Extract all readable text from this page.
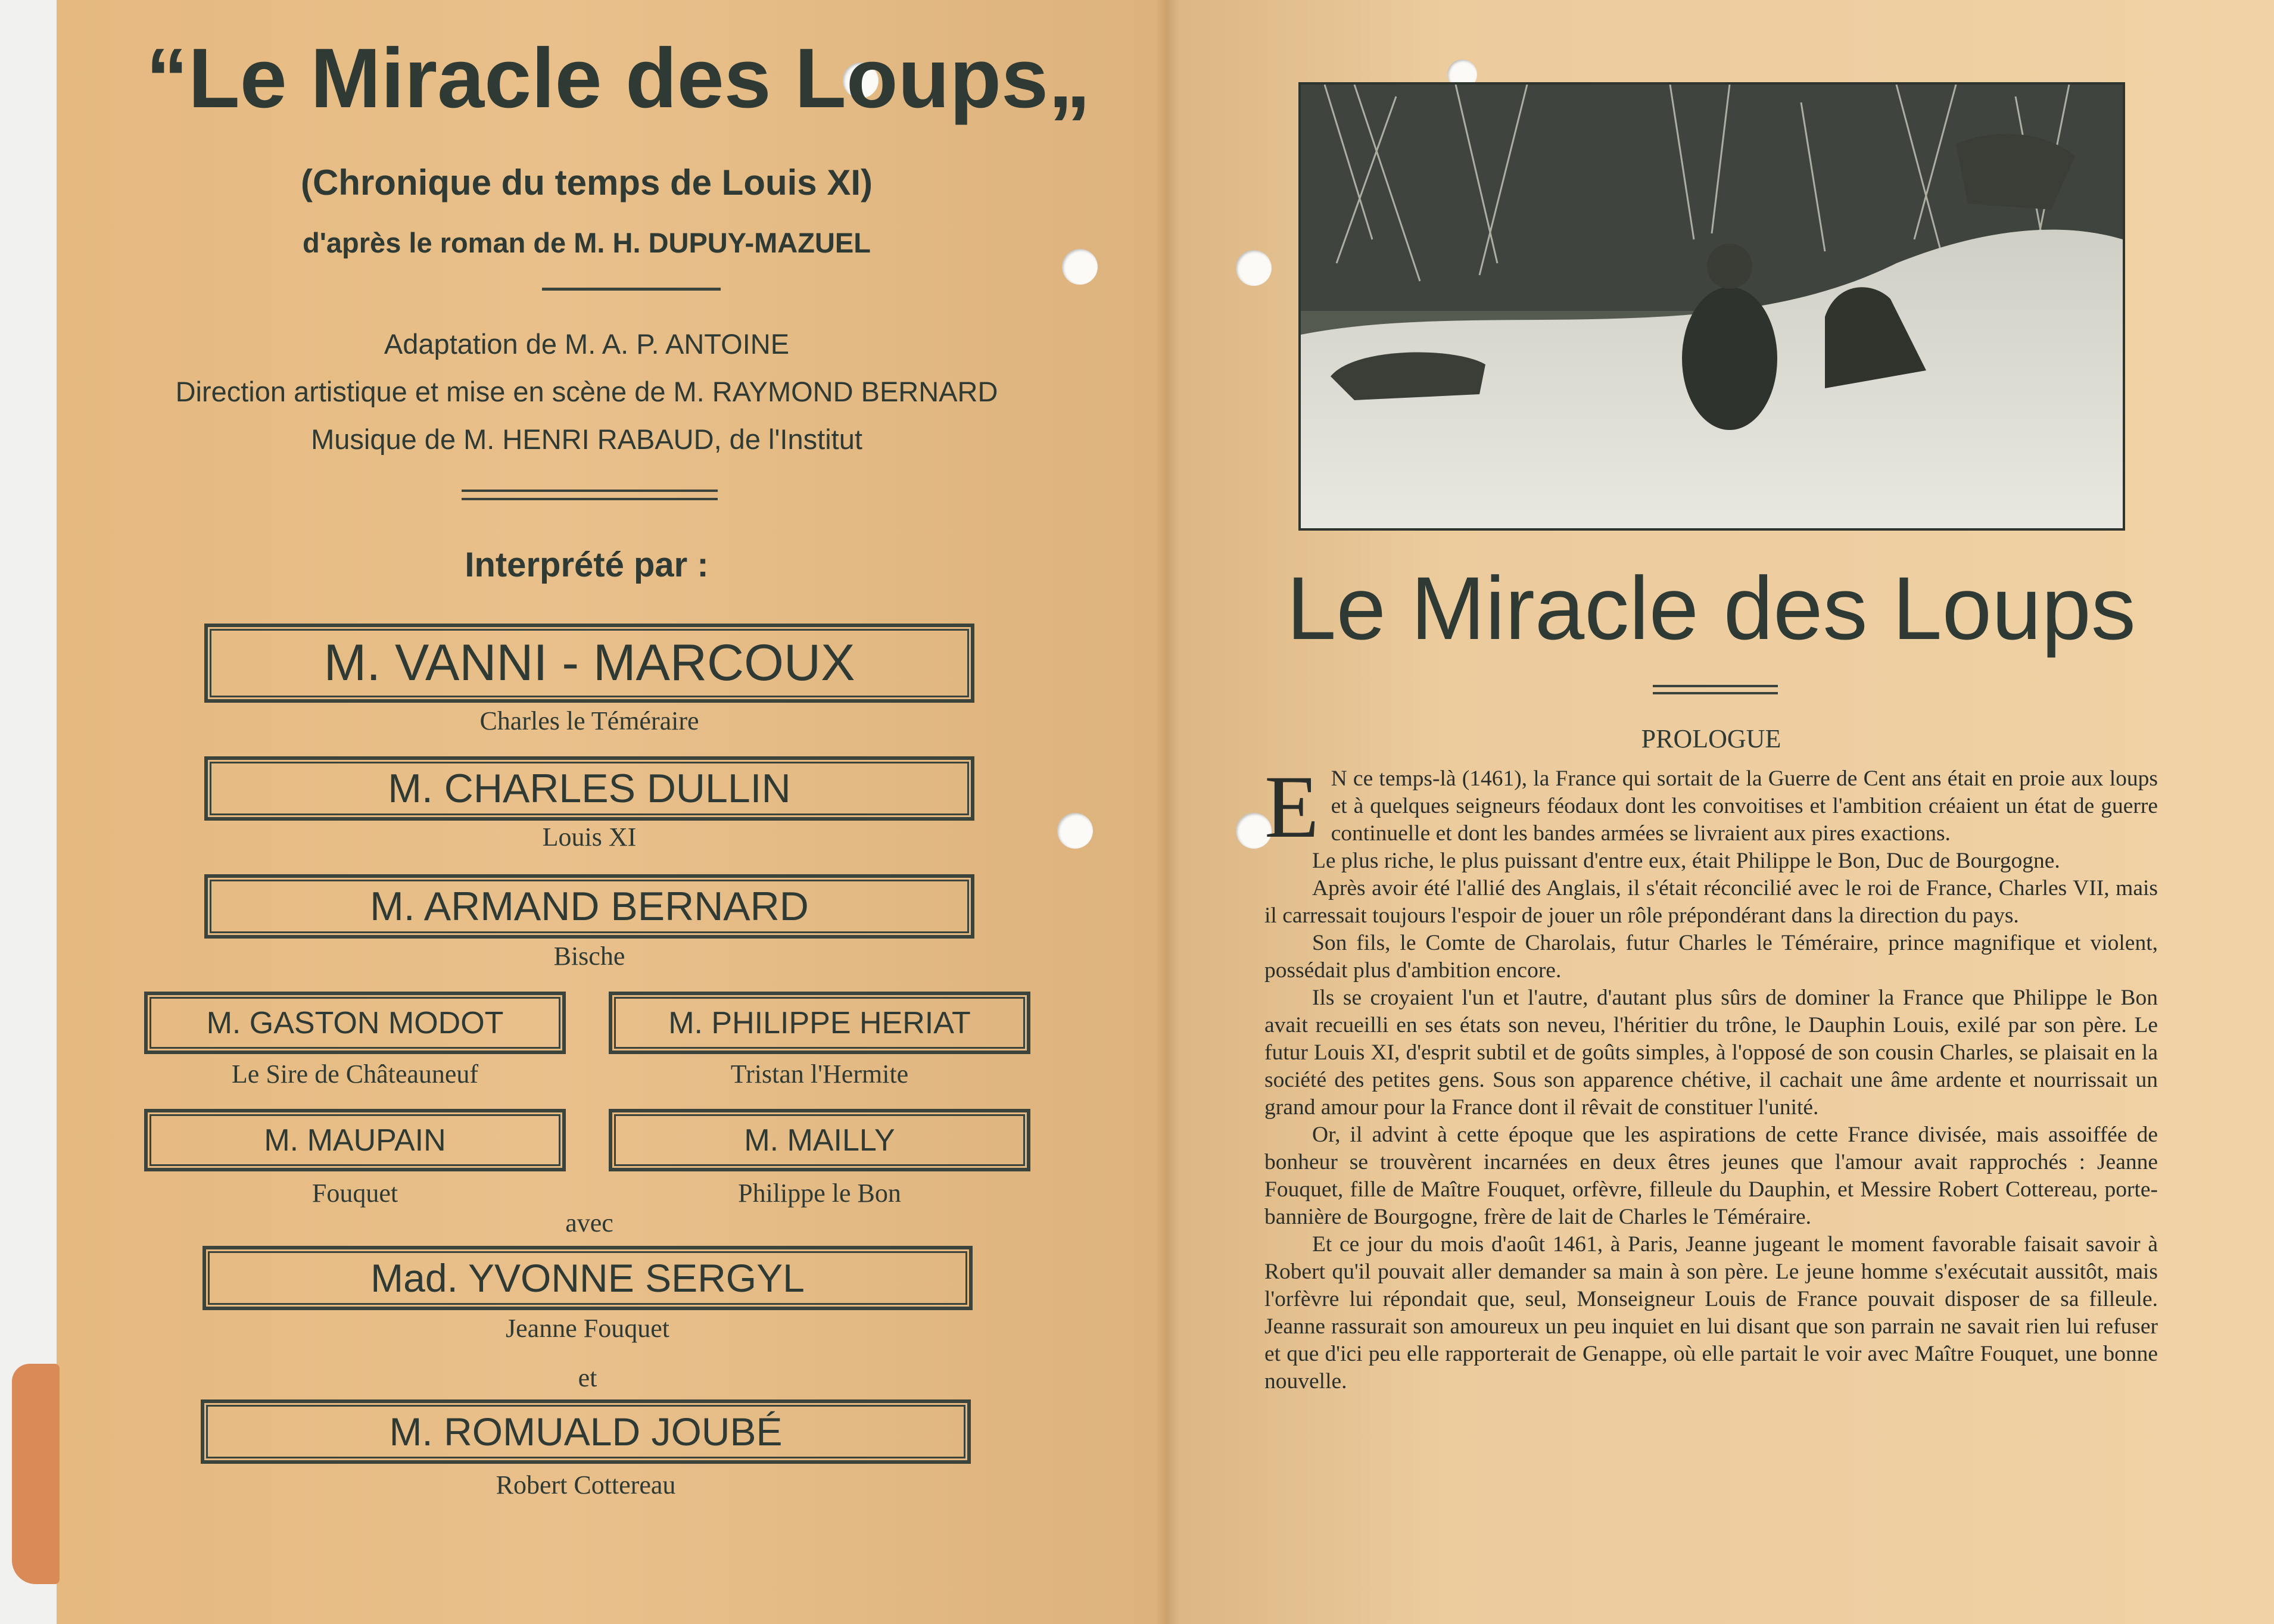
“Le Miracle des Loups„
(Chronique du temps de Louis XI)
d'après le roman de M. H. DUPUY-MAZUEL
Adaptation de M. A. P. ANTOINE
Direction artistique et mise en scène de M. RAYMOND BERNARD
Musique de M. HENRI RABAUD, de l'Institut
Interprété par :
M. VANNI - MARCOUX
Charles le Téméraire
M. CHARLES DULLIN
Louis XI
M. ARMAND BERNARD
Bische
M. GASTON MODOT
Le Sire de Châteauneuf
M. PHILIPPE HERIAT
Tristan l'Hermite
M. MAUPAIN
Fouquet
M. MAILLY
Philippe le Bon
avec
Mad. YVONNE SERGYL
Jeanne Fouquet
et
M. ROMUALD JOUBÉ
Robert Cottereau
Le Miracle des Loups
PROLOGUE

E N ce temps-là (1461), la France qui sortait de la Guerre de Cent ans était en proie aux loups et à quelques seigneurs féodaux dont les convoitises et l'ambition créaient un état de guerre continuelle et dont les bandes armées se livraient aux pires exactions.

Le plus riche, le plus puissant d'entre eux, était Philippe le Bon, Duc de Bourgogne.

Après avoir été l'allié des Anglais, il s'était réconcilié avec le roi de France, Charles VII, mais il carressait toujours l'espoir de jouer un rôle prépondérant dans la direction du pays.

Son fils, le Comte de Charolais, futur Charles le Téméraire, prince magnifique et violent, possédait plus d'ambition encore.

Ils se croyaient l'un et l'autre, d'autant plus sûrs de dominer la France que Philippe le Bon avait recueilli en ses états son neveu, l'héritier du trône, le Dauphin Louis, exilé par son père. Le futur Louis XI, d'esprit subtil et de goûts simples, à l'opposé de son cousin Charles, se plaisait en la société des petites gens. Sous son apparence chétive, il cachait une âme ardente et nourrissait un grand amour pour la France dont il rêvait de constituer l'unité.

Or, il advint à cette époque que les aspirations de cette France divisée, mais assoiffée de bonheur se trouvèrent incarnées en deux êtres jeunes que l'amour avait rapprochés : Jeanne Fouquet, fille de Maître Fouquet, orfèvre, filleule du Dauphin, et Messire Robert Cottereau, porte-bannière de Bourgogne, frère de lait de Charles le Téméraire.

Et ce jour du mois d'août 1461, à Paris, Jeanne jugeant le moment favorable faisait savoir à Robert qu'il pouvait aller demander sa main à son père. Le jeune homme s'exécutait aussitôt, mais l'orfèvre lui répondait que, seul, Monseigneur Louis de France pouvait disposer de sa filleule. Jeanne rassurait son amoureux un peu inquiet en lui disant que son parrain ne savait rien lui refuser et que d'ici peu elle rapporterait de Genappe, où elle partait le voir avec Maître Fouquet, une bonne nouvelle.
